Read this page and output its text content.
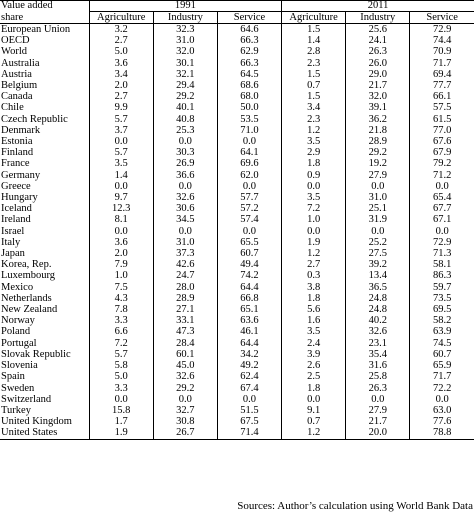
Value added	1991			2011		
share	Agriculture	Industry	Service	Agriculture	Industry	Service
European Union	3.2	32.3	64.6	1.5	25.6	72.9
OECD	2.7	31.0	66.3	1.4	24.1	74.4
World	5.0	32.0	62.9	2.8	26.3	70.9
Australia	3.6	30.1	66.3	2.3	26.0	71.7
Austria	3.4	32.1	64.5	1.5	29.0	69.4
Belgium	2.0	29.4	68.6	0.7	21.7	77.7
Canada	2.7	29.2	68.0	1.5	32.0	66.1
Chile	9.9	40.1	50.0	3.4	39.1	57.5
Czech Republic	5.7	40.8	53.5	2.3	36.2	61.5
Denmark	3.7	25.3	71.0	1.2	21.8	77.0
Estonia	0.0	0.0	0.0	3.5	28.9	67.6
Finland	5.7	30.3	64.1	2.9	29.2	67.9
France	3.5	26.9	69.6	1.8	19.2	79.2
Germany	1.4	36.6	62.0	0.9	27.9	71.2
Greece	0.0	0.0	0.0	0.0	0.0	0.0
Hungary	9.7	32.6	57.7	3.5	31.0	65.4
Iceland	12.3	30.6	57.2	7.2	25.1	67.7
Ireland	8.1	34.5	57.4	1.0	31.9	67.1
Israel	0.0	0.0	0.0	0.0	0.0	0.0
Italy	3.6	31.0	65.5	1.9	25.2	72.9
Japan	2.0	37.3	60.7	1.2	27.5	71.3
Korea, Rep.	7.9	42.6	49.4	2.7	39.2	58.1
Luxembourg	1.0	24.7	74.2	0.3	13.4	86.3
Mexico	7.5	28.0	64.4	3.8	36.5	59.7
Netherlands	4.3	28.9	66.8	1.8	24.8	73.5
New Zealand	7.8	27.1	65.1	5.6	24.8	69.5
Norway	3.3	33.1	63.6	1.6	40.2	58.2
Poland	6.6	47.3	46.1	3.5	32.6	63.9
Portugal	7.2	28.4	64.4	2.4	23.1	74.5
Slovak Republic	5.7	60.1	34.2	3.9	35.4	60.7
Slovenia	5.8	45.0	49.2	2.6	31.6	65.9
Spain	5.0	32.6	62.4	2.5	25.8	71.7
Sweden	3.3	29.2	67.4	1.8	26.3	72.2
Switzerland	0.0	0.0	0.0	0.0	0.0	0.0
Turkey	15.8	32.7	51.5	9.1	27.9	63.0
United Kingdom	1.7	30.8	67.5	0.7	21.7	77.6
United States	1.9	26.7	71.4	1.2	20.0	78.8
Sources: Author’s calculation using World Bank Data
